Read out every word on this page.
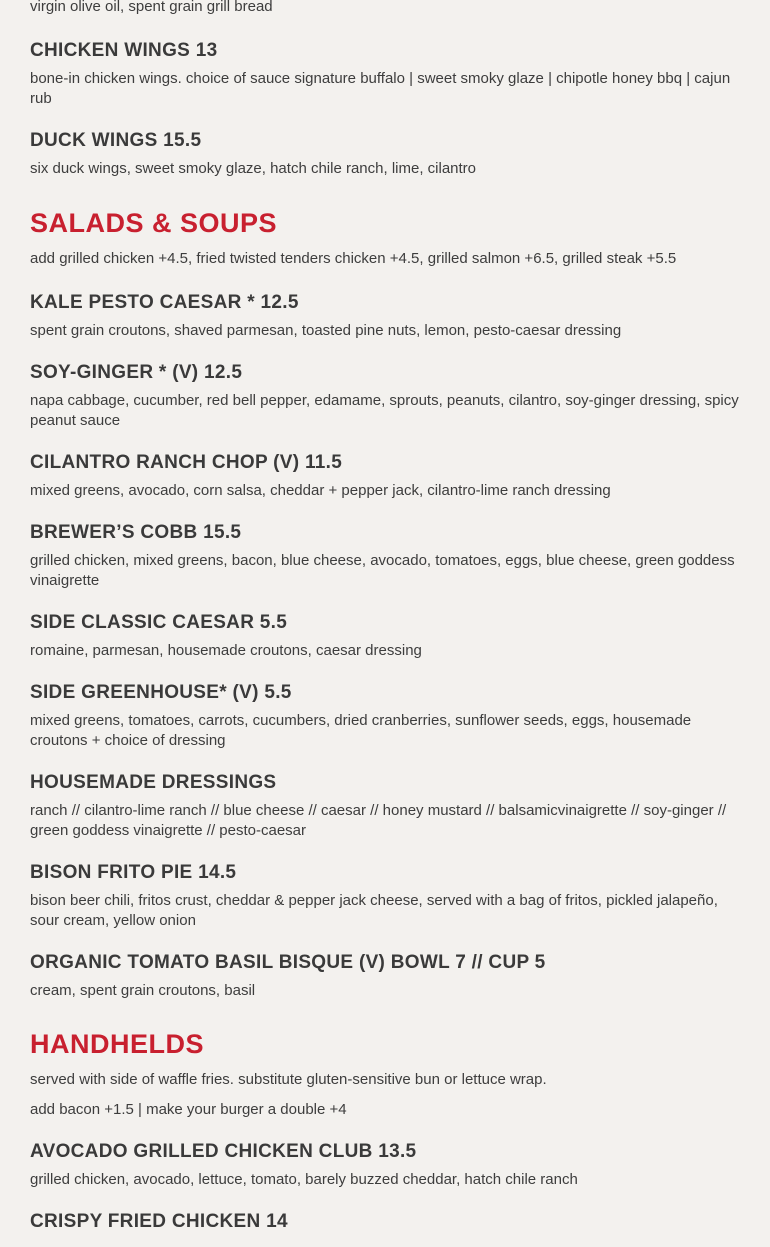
virgin olive oil, spent grain grill bread

CHICKEN WINGS 13

bone-in chicken wings. choice of sauce signature buffalo | sweet smoky glaze | chipotle honey bbq | cajun rub

DUCK WINGS 15.5

six duck wings, sweet smoky glaze, hatch chile ranch, lime, cilantro

SALADS & SOUPS

add grilled chicken +4.5, fried twisted tenders chicken +4.5, grilled salmon +6.5, grilled steak +5.5

KALE PESTO CAESAR * 12.5

spent grain croutons, shaved parmesan, toasted pine nuts, lemon, pesto-caesar dressing

SOY-GINGER * (V) 12.5

napa cabbage, cucumber, red bell pepper, edamame, sprouts, peanuts, cilantro, soy-ginger dressing, spicy peanut sauce

CILANTRO RANCH CHOP (V) 11.5

mixed greens, avocado, corn salsa, cheddar + pepper jack, cilantro-lime ranch dressing

BREWER’S COBB 15.5

grilled chicken, mixed greens, bacon, blue cheese, avocado, tomatoes, eggs, blue cheese, green goddess vinaigrette

SIDE CLASSIC CAESAR 5.5

romaine, parmesan, housemade croutons, caesar dressing

SIDE GREENHOUSE* (V) 5.5

mixed greens, tomatoes, carrots, cucumbers, dried cranberries, sunflower seeds, eggs, housemade croutons + choice of dressing

HOUSEMADE DRESSINGS

ranch // cilantro-lime ranch // blue cheese // caesar // honey mustard // balsamicvinaigrette // soy-ginger // green goddess vinaigrette // pesto-caesar

BISON FRITO PIE 14.5

bison beer chili, fritos crust, cheddar & pepper jack cheese, served with a bag of fritos, pickled jalapeño, sour cream, yellow onion

ORGANIC TOMATO BASIL BISQUE (V) BOWL 7 // CUP 5

cream, spent grain croutons, basil

HANDHELDS

served with side of waffle fries. substitute gluten-sensitive bun or lettuce wrap.

add bacon +1.5 | make your burger a double +4

AVOCADO GRILLED CHICKEN CLUB 13.5

grilled chicken, avocado, lettuce, tomato, barely buzzed cheddar, hatch chile ranch

CRISPY FRIED CHICKEN 14
